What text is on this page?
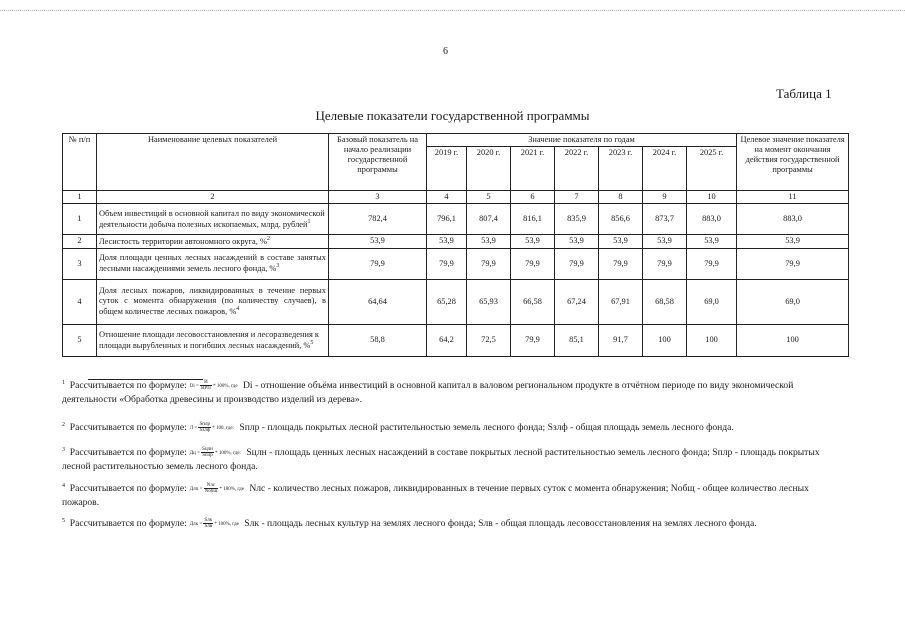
6
Таблица 1
Целевые показатели государственной программы
№ п/п	Наименование целевых показателей	Базовый показатель на начало реализации государственной программы	Значение показателя по годам							Целевое значение показателя на момент окончания действия государственной программы
			2019 г.	2020 г.	2021 г.	2022 г.	2023 г.	2024 г.	2025 г.	
1	2	3	4	5	6	7	8	9	10	11
1	Объем инвестиций в основной капитал по виду экономической деятельности добыча полезных ископаемых, млрд. рублей$^1$	782,4	796,1	807,4	816,1	835,9	856,6	873,7	883,0	883,0
2	Лесистость территории автономного округа, %$^2$	53,9	53,9	53,9	53,9	53,9	53,9	53,9	53,9	53,9
3	Доля площади ценных лесных насаждений в составе занятых лесными насаждениями земель лесного фонда, %$^3$	79,9	79,9	79,9	79,9	79,9	79,9	79,9	79,9	79,9
4	Доля лесных пожаров, ликвидированных в течение первых суток с момента обнаружения (по количеству случаев), в общем количестве лесных пожаров, %$^4$	64,64	65,28	65,93	66,58	67,24	67,91	68,58	69,0	69,0
5	Отношение площади лесовосстановления и лесоразведения к площади вырубленных и погибших лесных насаждений, %$^5$	58,8	64,2	72,5	79,9	85,1	91,7	100	100	100
$^1$ Рассчитывается по формуле: Dі = $\frac{И}{\text{ВРП}} * 100\%$, где Di - отношение объёма инвестиций в основной капитал в валовом региональном продукте в отчётном периоде по виду экономической деятельности «Обработка древесины и производство изделий из дерева».
$^2$ Рассчитывается по формуле: $Л = \frac{\text{Sплр}}{\text{Sзлф}} * 100$, где: Sплр - площадь покрытых лесной растительностью земель лесного фонда; Sзлф - общая площадь земель лесного фонда.
$^3$ Рассчитывается по формуле: Дц = $\frac{\text{Sцлн}}{\text{Sплр}} * 100\%$, где: Sцлн - площадь ценных лесных насаждений в составе покрытых лесной растительностью земель лесного фонда; Sплр - площадь покрытых лесной растительностью земель лесного фонда.
$^4$ Рассчитывается по формуле: Длп = $\frac{\text{Nлс}}{\text{Nобщ}} * 100\%$, где Nлс - количество лесных пожаров, ликвидированных в течение первых суток с момента обнаружения; Nобщ - общее количество лесных пожаров.
$^5$ Рассчитывается по формуле: Длк = $\frac{\text{Sлк}}{\text{Sлв}} * 100\%$, где Sлк - площадь лесных культур на землях лесного фонда; Sлв - общая площадь лесовосстановления на землях лесного фонда.
